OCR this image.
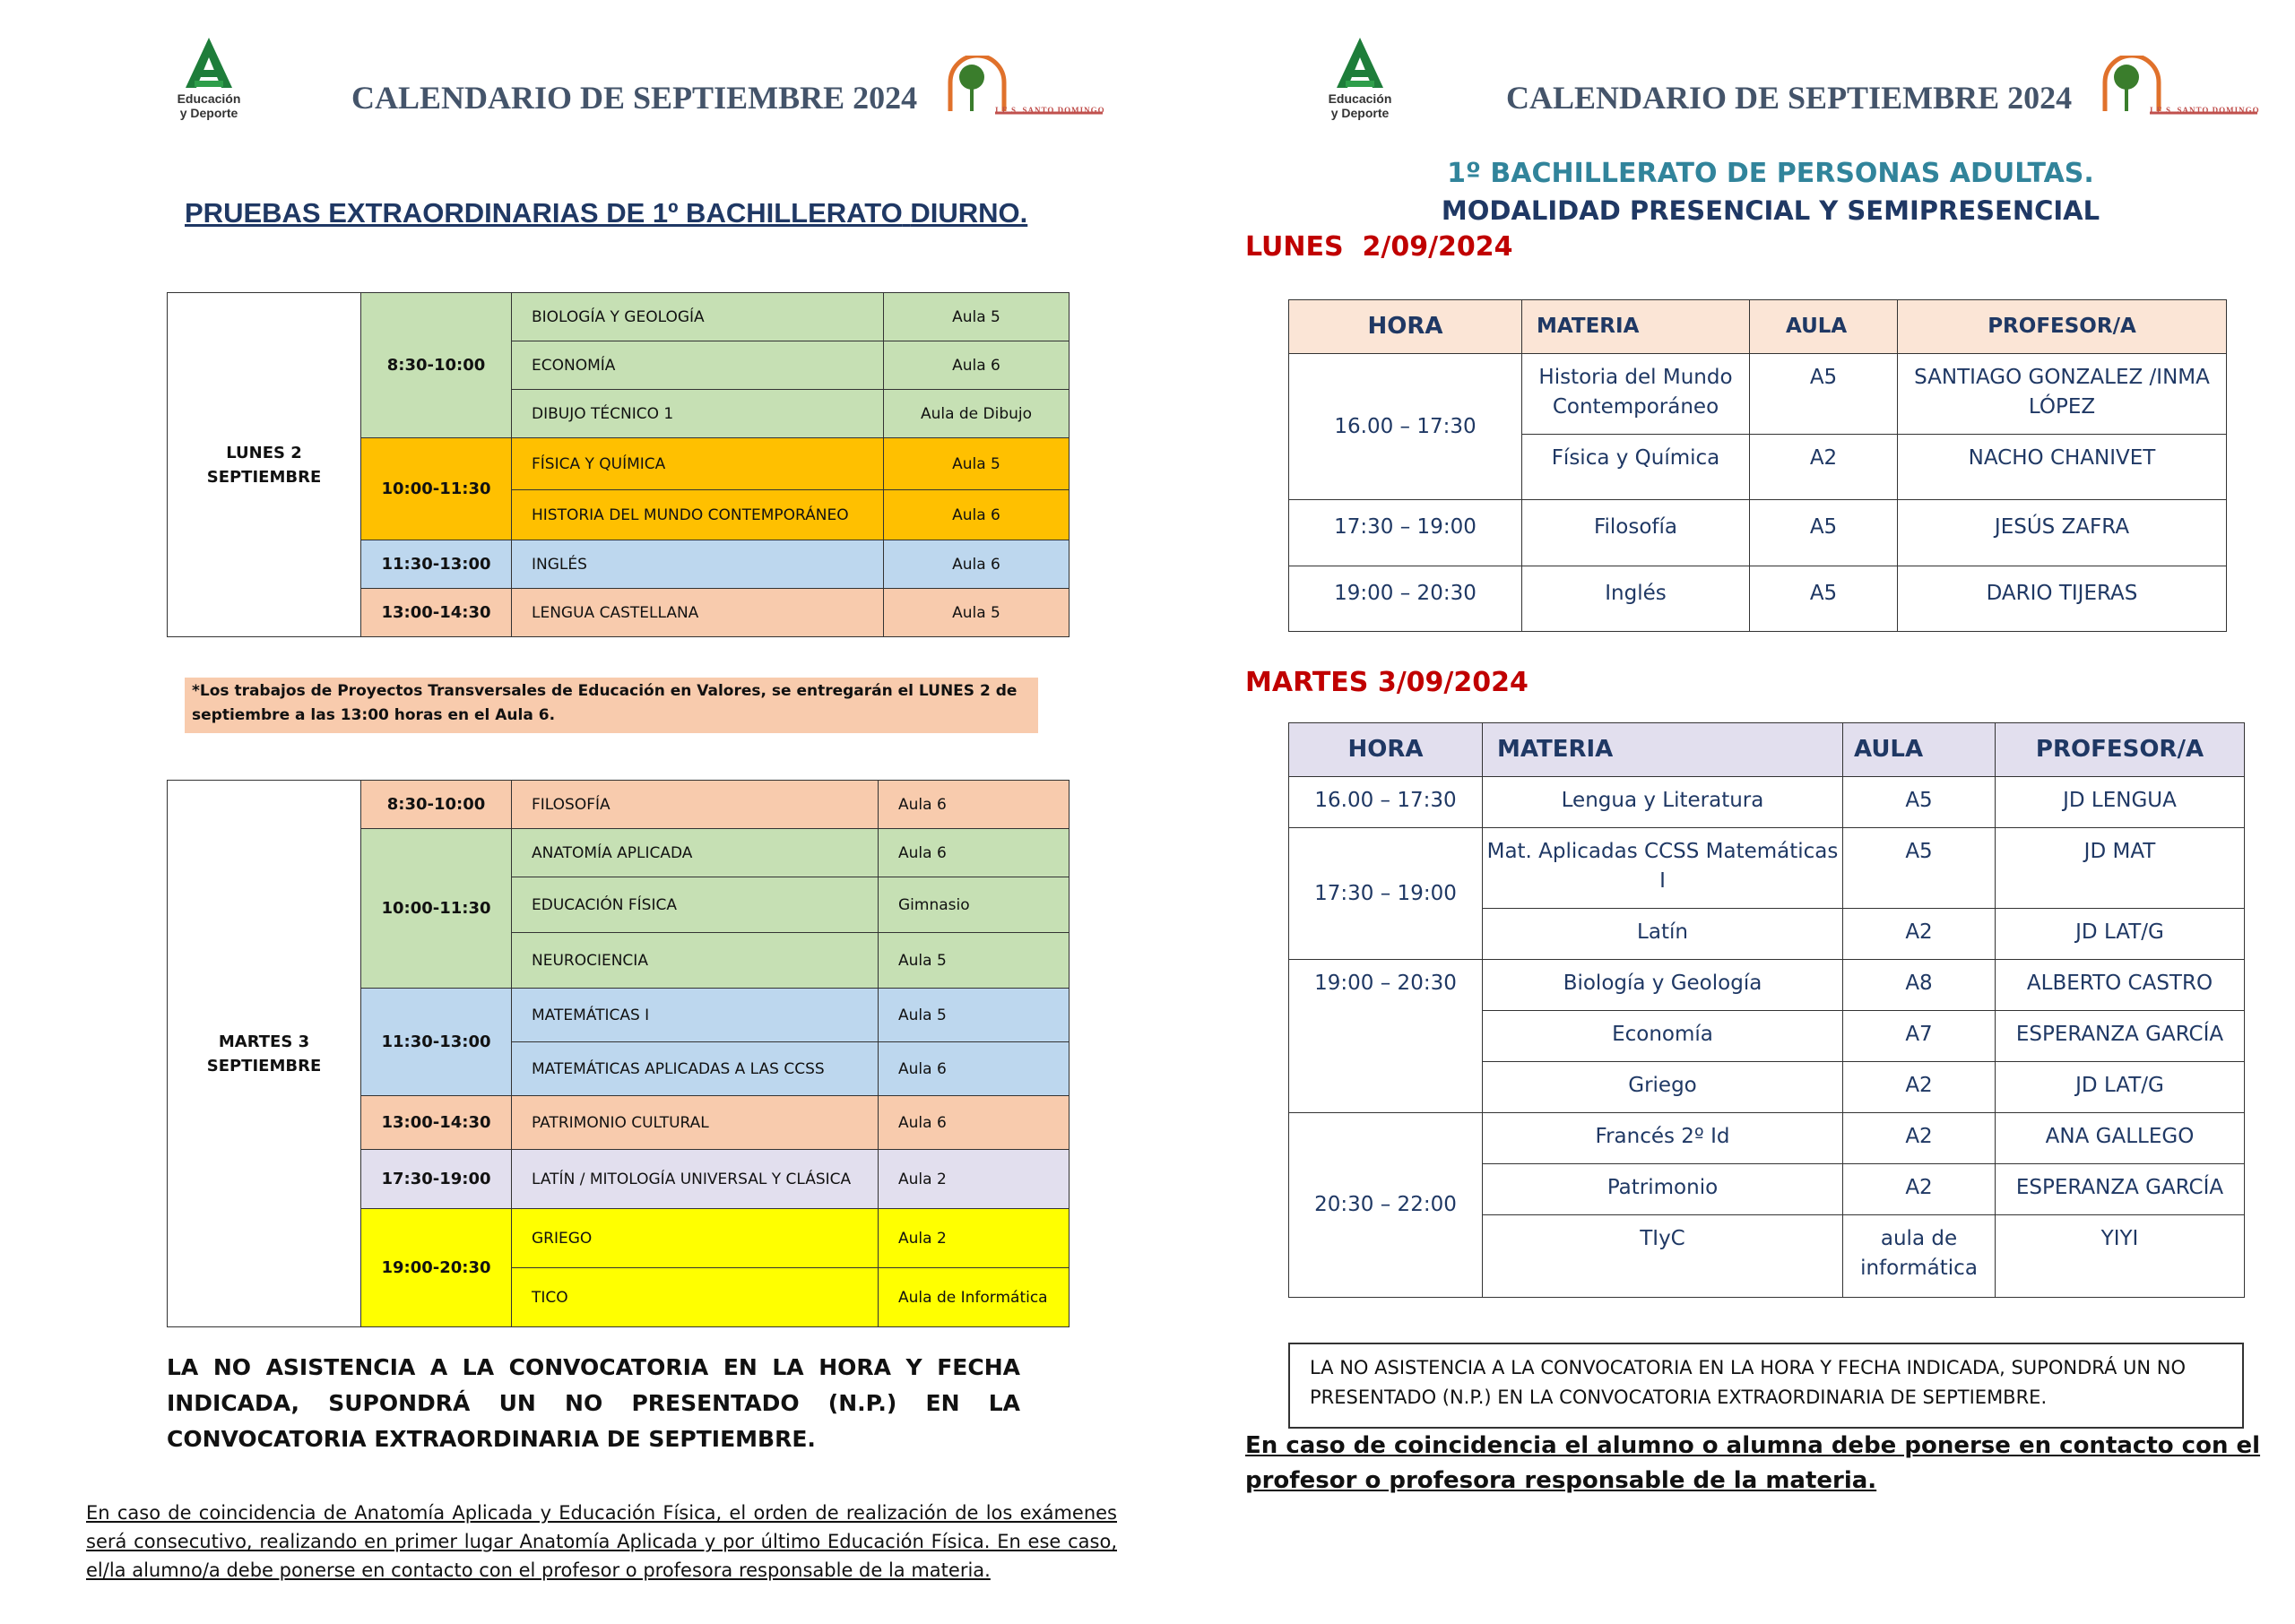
Educación
y Deporte	CALENDARIO DE SEPTIEMBRE 2024	I.E.S. SANTO DOMINGO
Educación
y Deporte	CALENDARIO DE SEPTIEMBRE 2024	I.E.S. SANTO DOMINGO
PRUEBAS EXTRAORDINARIAS DE 1º BACHILLERATO DIURNO.
LUNES 2
SEPTIEMBRE	8:30-10:00	BIOLOGÍA Y GEOLOGÍA	Aula 5
		ECONOMÍA	Aula 6
		DIBUJO TÉCNICO 1	Aula de Dibujo
	10:00-11:30	FÍSICA Y QUÍMICA	Aula 5
		HISTORIA DEL MUNDO CONTEMPORÁNEO	Aula 6
	11:30-13:00	INGLÉS	Aula 6
	13:00-14:30	LENGUA CASTELLANA	Aula 5
*Los trabajos de Proyectos Transversales de Educación en Valores, se entregarán el LUNES 2 de septiembre a las 13:00 horas en el Aula 6.
MARTES 3
SEPTIEMBRE	8:30-10:00	FILOSOFÍA	Aula 6
	10:00-11:30	ANATOMÍA APLICADA	Aula 6
		EDUCACIÓN FÍSICA	Gimnasio
		NEUROCIENCIA	Aula 5
	11:30-13:00	MATEMÁTICAS I	Aula 5
		MATEMÁTICAS APLICADAS A LAS CCSS	Aula 6
	13:00-14:30	PATRIMONIO CULTURAL	Aula 6
	17:30-19:00	LATÍN / MITOLOGÍA UNIVERSAL Y CLÁSICA	Aula 2
	19:00-20:30	GRIEGO	Aula 2
		TICO	Aula de Informática
LA NO ASISTENCIA A LA CONVOCATORIA EN LA HORA Y FECHA INDICADA, SUPONDRÁ UN NO PRESENTADO (N.P.) EN LA CONVOCATORIA EXTRAORDINARIA DE SEPTIEMBRE.
En caso de coincidencia de Anatomía Aplicada y Educación Física, el orden de realización de los exámenes será consecutivo, realizando en primer lugar Anatomía Aplicada y por último Educación Física. En ese caso, el/la alumno/a debe ponerse en contacto con el profesor o profesora responsable de la materia.
1º BACHILLERATO DE PERSONAS ADULTAS.
MODALIDAD PRESENCIAL Y SEMIPRESENCIAL
LUNES  2/09/2024
HORA	MATERIA	AULA	PROFESOR/A
16.00 – 17:30	Historia del Mundo Contemporáneo	A5	SANTIAGO GONZALEZ /INMA LÓPEZ
	Física y Química	A2	NACHO CHANIVET
17:30 – 19:00	Filosofía	A5	JESÚS ZAFRA
19:00 – 20:30	Inglés	A5	DARIO TIJERAS
MARTES 3/09/2024
HORA	MATERIA	AULA	PROFESOR/A
16.00 – 17:30	Lengua y Literatura	A5	JD LENGUA
17:30 – 19:00	Mat. Aplicadas CCSS Matemáticas I	A5	JD MAT
	Latín	A2	JD LAT/G
19:00 – 20:30	Biología y Geología	A8	ALBERTO CASTRO
	Economía	A7	ESPERANZA GARCÍA
	Griego	A2	JD LAT/G
20:30 – 22:00	Francés 2º Id	A2	ANA GALLEGO
	Patrimonio	A2	ESPERANZA GARCÍA
	TIyC	aula de informática	YIYI
LA NO ASISTENCIA A LA CONVOCATORIA EN LA HORA Y FECHA INDICADA, SUPONDRÁ UN NO PRESENTADO (N.P.) EN LA CONVOCATORIA EXTRAORDINARIA DE SEPTIEMBRE.
En caso de coincidencia el alumno o alumna debe ponerse en contacto con el profesor o profesora responsable de la materia.
